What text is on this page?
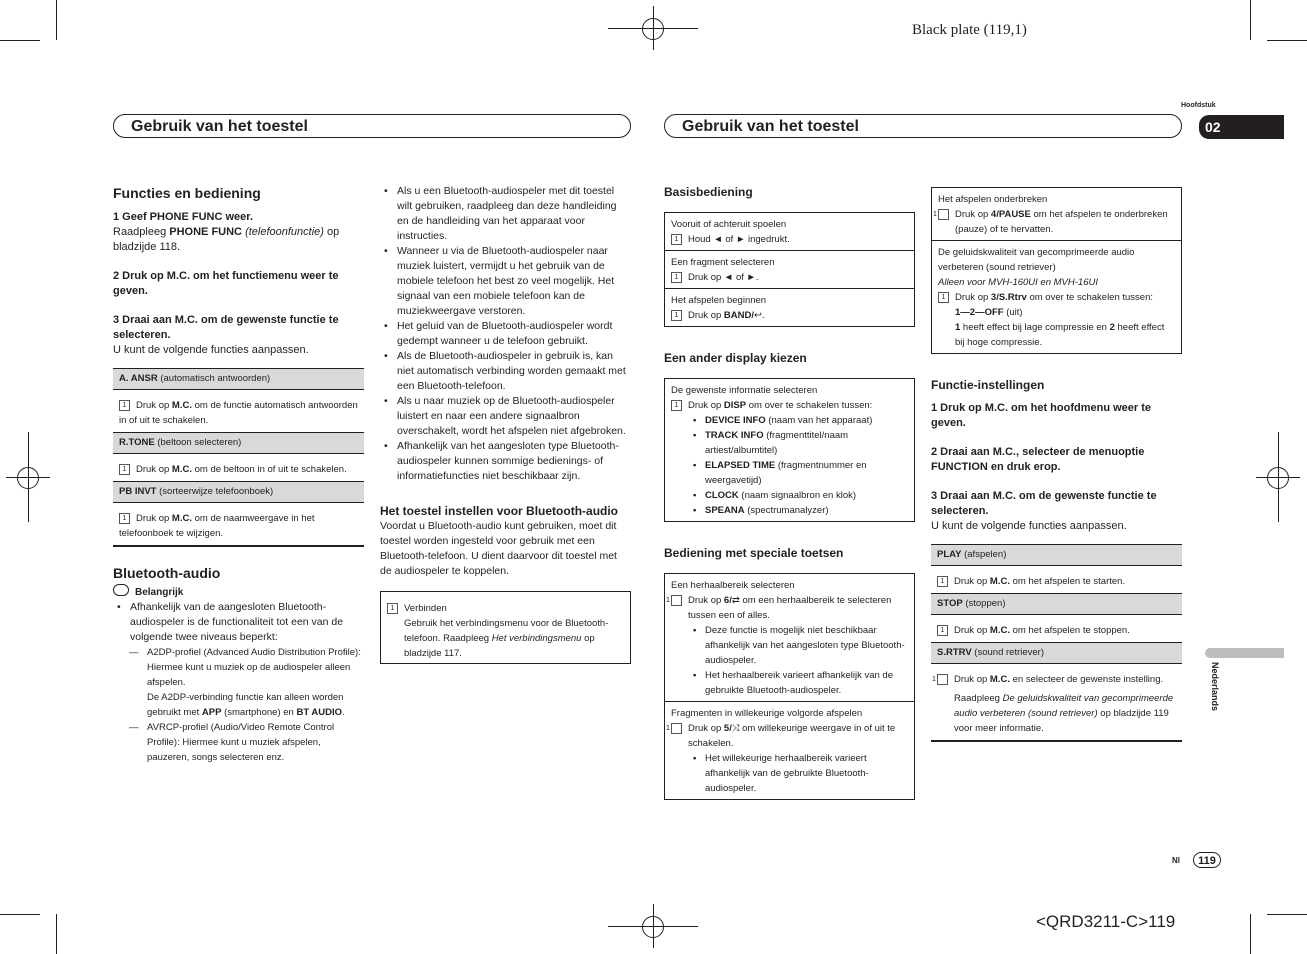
Black plate (119,1)
Gebruik van het toestel	Gebruik van het toestel
Hoofdstuk
02
Nederlands

Functies en bediening

1 Geef PHONE FUNC weer.

Raadpleeg PHONE FUNC (telefoonfunctie) op bladzijde 118.

2 Druk op M.C. om het functiemenu weer te geven.

3 Draai aan M.C. om de gewenste functie te selecteren.

U kunt de volgende functies aanpassen.

A. ANSR (automatisch antwoorden)
1 Druk op M.C. om de functie automatisch antwoorden in of uit te schakelen.
R.TONE (beltoon selecteren)
1 Druk op M.C. om de beltoon in of uit te schakelen.
PB INVT (sorteerwijze telefoonboek)
1 Druk op M.C. om de naamweergave in het telefoonboek te wijzigen.

Bluetooth-audio

Belangrijk

• Afhankelijk van de aangesloten Bluetooth-audiospeler is de functionaliteit tot een van de volgende twee niveaus beperkt:

— A2DP-profiel (Advanced Audio Distribution Profile): Hiermee kunt u muziek op de audiospeler alleen afspelen.

De A2DP-verbinding functie kan alleen worden gebruikt met APP (smartphone) en BT AUDIO.

— AVRCP-profiel (Audio/Video Remote Control Profile): Hiermee kunt u muziek afspelen, pauzeren, songs selecteren enz.

• Als u een Bluetooth-audiospeler met dit toestel wilt gebruiken, raadpleeg dan deze handleiding en de handleiding van het apparaat voor instructies.

• Wanneer u via de Bluetooth-audiospeler naar muziek luistert, vermijdt u het gebruik van de mobiele telefoon het best zo veel mogelijk. Het signaal van een mobiele telefoon kan de muziekweergave verstoren.

• Het geluid van de Bluetooth-audiospeler wordt gedempt wanneer u de telefoon gebruikt.

• Als de Bluetooth-audiospeler in gebruik is, kan niet automatisch verbinding worden gemaakt met een Bluetooth-telefoon.

• Als u naar muziek op de Bluetooth-audiospeler luistert en naar een andere signaalbron overschakelt, wordt het afspelen niet afgebroken.

• Afhankelijk van het aangesloten type Bluetooth-audiospeler kunnen sommige bedienings- of informatiefuncties niet beschikbaar zijn.

Het toestel instellen voor Bluetooth-audio

Voordat u Bluetooth-audio kunt gebruiken, moet dit toestel worden ingesteld voor gebruik met een Bluetooth-telefoon. U dient daarvoor dit toestel met de audiospeler te koppelen.

1 Verbinden

Gebruik het verbindingsmenu voor de Bluetooth-telefoon. Raadpleeg Het verbindingsmenu op bladzijde 117.

Basisbediening

Vooruit of achteruit spoelen

1 Houd ◄ of ► ingedrukt.

Een fragment selecteren

1 Druk op ◄ of ►.

Het afspelen beginnen

1 Druk op BAND/↩.

Een ander display kiezen

De gewenste informatie selecteren

1 Druk op DISP om over te schakelen tussen:

• DEVICE INFO (naam van het apparaat)

• TRACK INFO (fragmenttitel/naam artiest/albumtitel)

• ELAPSED TIME (fragmentnummer en weergavetijd)

• CLOCK (naam signaalbron en klok)

• SPEANA (spectrumanalyzer)

Bediening met speciale toetsen

Een herhaalbereik selecteren

1 Druk op 6/⇄ om een herhaalbereik te selecteren tussen een of alles.

• Deze functie is mogelijk niet beschikbaar afhankelijk van het aangesloten type Bluetooth-audiospeler.

• Het herhaalbereik varieert afhankelijk van de gebruikte Bluetooth-audiospeler.

Fragmenten in willekeurige volgorde afspelen

1 Druk op 5/⤨ om willekeurige weergave in of uit te schakelen.

• Het willekeurige herhaalbereik varieert afhankelijk van de gebruikte Bluetooth-audiospeler.

Het afspelen onderbreken

1 Druk op 4/PAUSE om het afspelen te onderbreken (pauze) of te hervatten.

De geluidskwaliteit van gecomprimeerde audio verbeteren (sound retriever)

Alleen voor MVH-160UI en MVH-16UI

1 Druk op 3/S.Rtrv om over te schakelen tussen:

1—2—OFF (uit)

1 heeft effect bij lage compressie en 2 heeft effect bij hoge compressie.

Functie-instellingen

1 Druk op M.C. om het hoofdmenu weer te geven.

2 Draai aan M.C., selecteer de menuoptie FUNCTION en druk erop.

3 Draai aan M.C. om de gewenste functie te selecteren.

U kunt de volgende functies aanpassen.

PLAY (afspelen)
1 Druk op M.C. om het afspelen te starten.
STOP (stoppen)
1 Druk op M.C. om het afspelen te stoppen.
S.RTRV (sound retriever)
1 Druk op M.C. en selecteer de gewenste instelling.
Raadpleeg De geluidskwaliteit van gecomprimeerde audio verbeteren (sound retriever) op bladzijde 119 voor meer informatie.
Nl	119
<QRD3211-C>119
